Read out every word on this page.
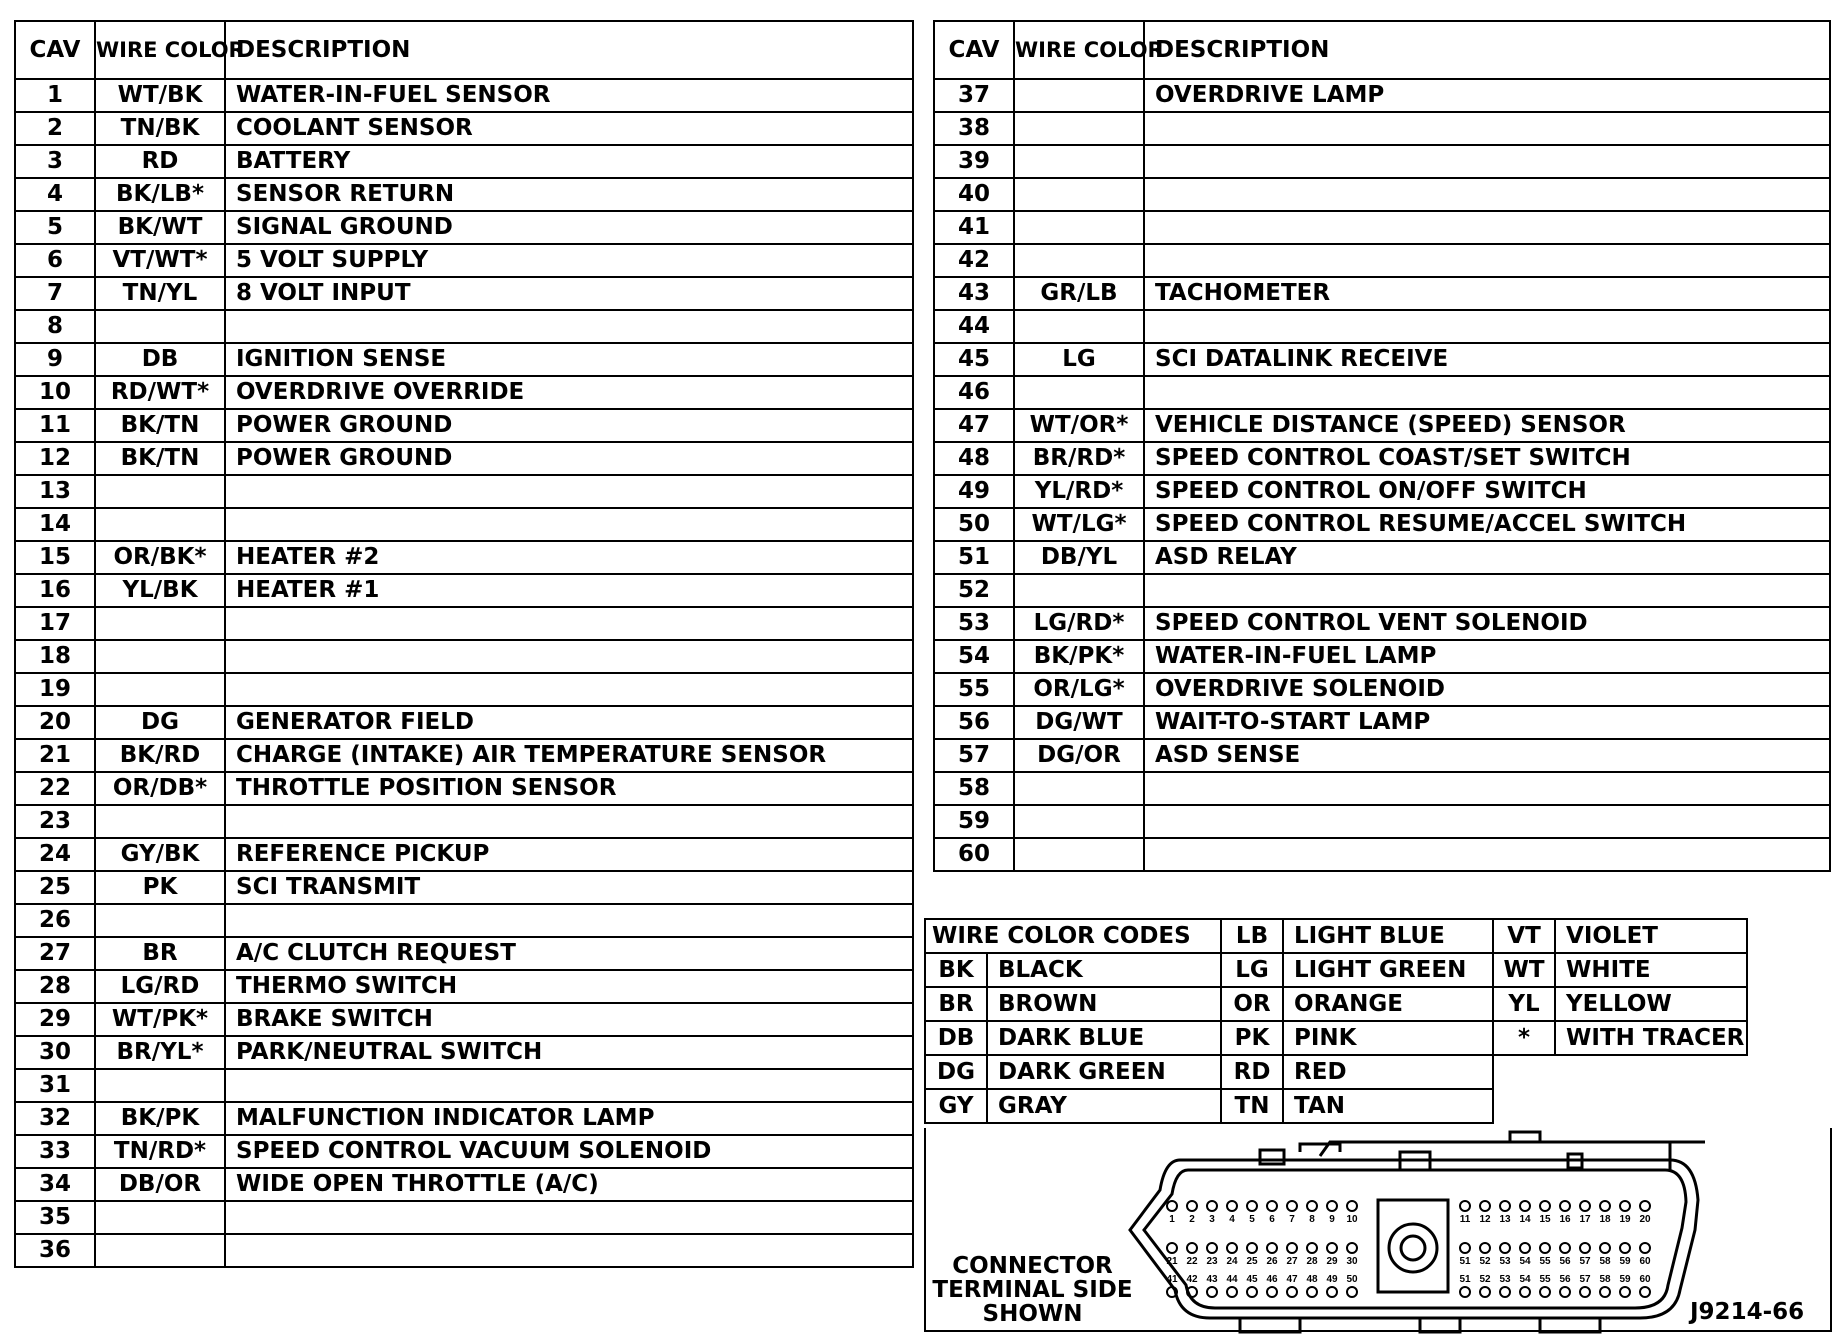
CAV	WIRE COLOR	DESCRIPTION
1	WT/BK	WATER-IN-FUEL SENSOR
2	TN/BK	COOLANT SENSOR
3	RD	BATTERY
4	BK/LB*	SENSOR RETURN
5	BK/WT	SIGNAL GROUND
6	VT/WT*	5 VOLT SUPPLY
7	TN/YL	8 VOLT INPUT
8		
9	DB	IGNITION SENSE
10	RD/WT*	OVERDRIVE OVERRIDE
11	BK/TN	POWER GROUND
12	BK/TN	POWER GROUND
13		
14		
15	OR/BK*	HEATER #2
16	YL/BK	HEATER #1
17		
18		
19		
20	DG	GENERATOR FIELD
21	BK/RD	CHARGE (INTAKE) AIR TEMPERATURE SENSOR
22	OR/DB*	THROTTLE POSITION SENSOR
23		
24	GY/BK	REFERENCE PICKUP
25	PK	SCI TRANSMIT
26		
27	BR	A/C CLUTCH REQUEST
28	LG/RD	THERMO SWITCH
29	WT/PK*	BRAKE SWITCH
30	BR/YL*	PARK/NEUTRAL SWITCH
31		
32	BK/PK	MALFUNCTION INDICATOR LAMP
33	TN/RD*	SPEED CONTROL VACUUM SOLENOID
34	DB/OR	WIDE OPEN THROTTLE (A/C)
35		
36		
CAV	WIRE COLOR	DESCRIPTION
37		OVERDRIVE LAMP
38		
39		
40		
41		
42		
43	GR/LB	TACHOMETER
44		
45	LG	SCI DATALINK RECEIVE
46		
47	WT/OR*	VEHICLE DISTANCE (SPEED) SENSOR
48	BR/RD*	SPEED CONTROL COAST/SET SWITCH
49	YL/RD*	SPEED CONTROL ON/OFF SWITCH
50	WT/LG*	SPEED CONTROL RESUME/ACCEL SWITCH
51	DB/YL	ASD RELAY
52		
53	LG/RD*	SPEED CONTROL VENT SOLENOID
54	BK/PK*	WATER-IN-FUEL LAMP
55	OR/LG*	OVERDRIVE SOLENOID
56	DG/WT	WAIT-TO-START LAMP
57	DG/OR	ASD SENSE
58		
59		
60		
WIRE COLOR CODES		LB	LIGHT BLUE	VT	VIOLET
BK	BLACK	LG	LIGHT GREEN	WT	WHITE
BR	BROWN	OR	ORANGE	YL	YELLOW
DB	DARK BLUE	PK	PINK	*	WITH TRACER
DG	DARK GREEN	RD	RED		
GY	GRAY	TN	TAN		
CONNECTOR
TERMINAL SIDE
SHOWN	J9214-66
1 2 3 4 5 6 7 8 9 10	11 12 13 14 15 16 17 18 19 20
21 22 23 24 25 26 27 28 29 30	51 52 53 54 55 56 57 58 59 60
41 42 43 44 45 46 47 48 49 50	51 52 53 54 55 56 57 58 59 60
